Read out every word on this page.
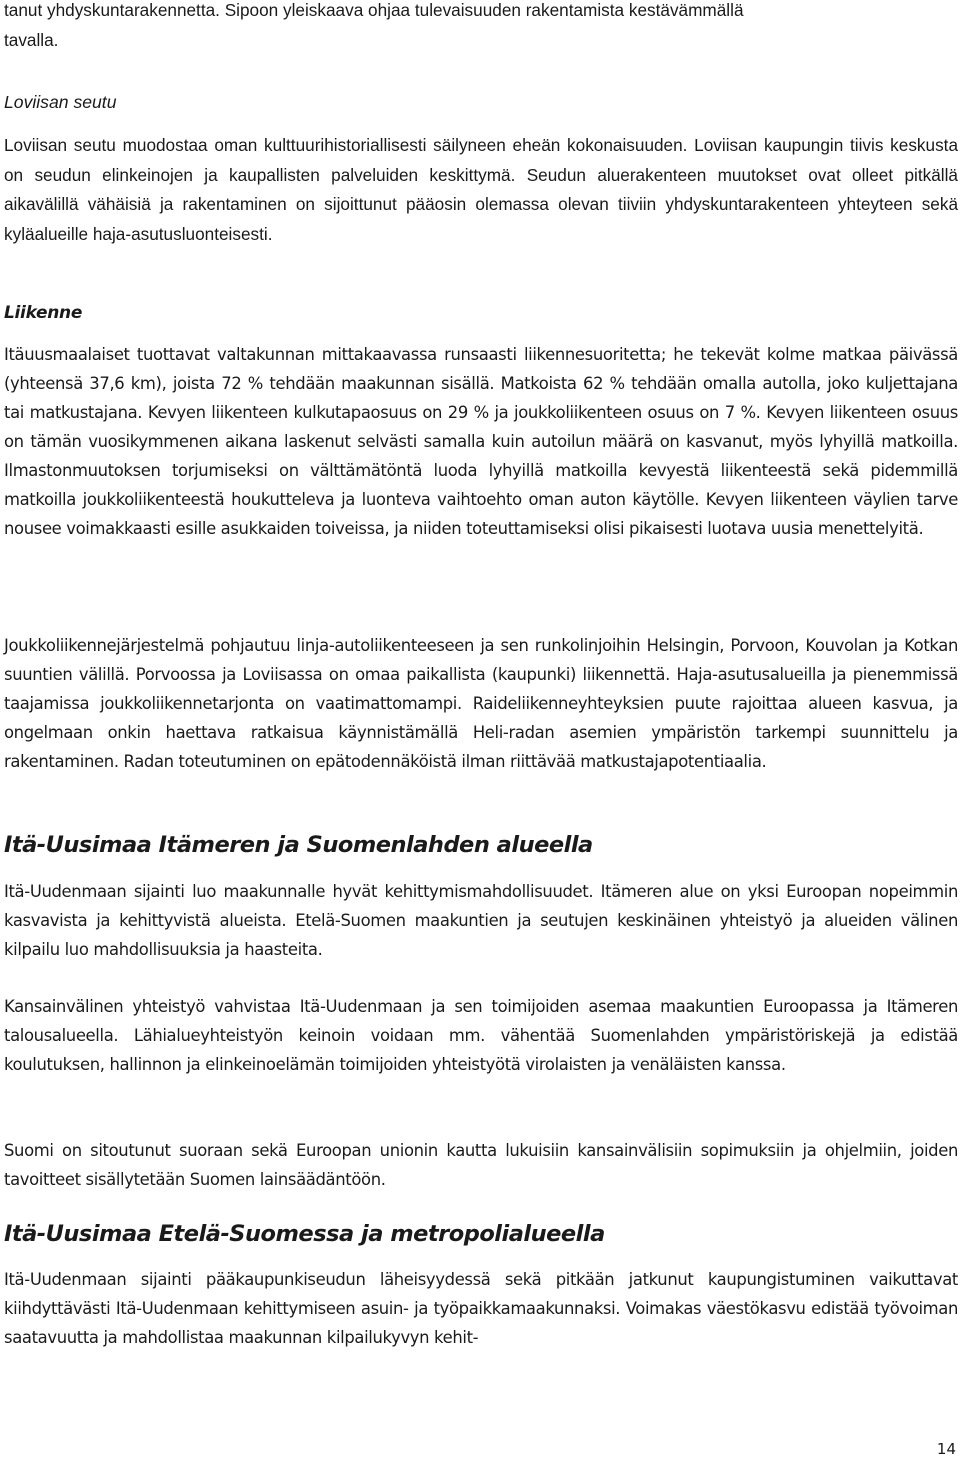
tanut yhdyskuntarakennetta. Sipoon yleiskaava ohjaa tulevaisuuden rakentamista kestävämmällä
tavalla.
Loviisan seutu

Loviisan seutu muodostaa oman kulttuurihistoriallisesti säilyneen eheän kokonaisuuden. Loviisan kaupungin tiivis keskusta on seudun elinkeinojen ja kaupallisten palveluiden keskittymä. Seudun aluerakenteen muutokset ovat olleet pitkällä aikavälillä vähäisiä ja rakentaminen on sijoittunut pääosin olemassa olevan tiiviin yhdyskuntarakenteen yhteyteen sekä kyläalueille haja-asutusluonteisesti.

Liikenne

Itäuusmaalaiset tuottavat valtakunnan mittakaavassa runsaasti liikennesuoritetta; he tekevät kolme matkaa päivässä (yhteensä 37,6 km), joista 72 % tehdään maakunnan sisällä. Matkoista 62 % tehdään omalla autolla, joko kuljettajana tai matkustajana. Kevyen liikenteen kulkutapaosuus on 29 % ja joukkoliikenteen osuus on 7 %. Kevyen liikenteen osuus on tämän vuosikymmenen aikana laskenut selvästi samalla kuin autoilun määrä on kasvanut, myös lyhyillä matkoilla. Ilmastonmuutoksen torjumiseksi on välttämätöntä luoda lyhyillä matkoilla kevyestä liikenteestä sekä pidemmillä matkoilla joukkoliikenteestä houkutteleva ja luonteva vaihtoehto oman auton käytölle. Kevyen liikenteen väylien tarve nousee voimakkaasti esille asukkaiden toiveissa, ja niiden toteuttamiseksi olisi pikaisesti luotava uusia menettelyitä.

Joukkoliikennejärjestelmä pohjautuu linja-autoliikenteeseen ja sen runkolinjoihin Helsingin, Porvoon, Kouvolan ja Kotkan suuntien välillä. Porvoossa ja Loviisassa on omaa paikallista (kaupunki) liikennettä. Haja-asutusalueilla ja pienemmissä taajamissa joukkoliikennetarjonta on vaatimattomampi. Raideliikenneyhteyksien puute rajoittaa alueen kasvua, ja ongelmaan onkin haettava ratkaisua käynnistämällä Heli-radan asemien ympäristön tarkempi suunnittelu ja rakentaminen. Radan toteutuminen on epätodennäköistä ilman riittävää matkustajapotentiaalia.

Itä-Uusimaa Itämeren ja Suomenlahden alueella

Itä-Uudenmaan sijainti luo maakunnalle hyvät kehittymismahdollisuudet. Itämeren alue on yksi Euroopan nopeimmin kasvavista ja kehittyvistä alueista. Etelä-Suomen maakuntien ja seutujen keskinäinen yhteistyö ja alueiden välinen kilpailu luo mahdollisuuksia ja haasteita.

Kansainvälinen yhteistyö vahvistaa Itä-Uudenmaan ja sen toimijoiden asemaa maakuntien Euroopassa ja Itämeren talousalueella. Lähialueyhteistyön keinoin voidaan mm. vähentää Suomenlahden ympäristöriskejä ja edistää koulutuksen, hallinnon ja elinkeinoelämän toimijoiden yhteistyötä virolaisten ja venäläisten kanssa.

Suomi on sitoutunut suoraan sekä Euroopan unionin kautta lukuisiin kansainvälisiin sopimuksiin ja ohjelmiin, joiden tavoitteet sisällytetään Suomen lainsäädäntöön.

Itä-Uusimaa Etelä-Suomessa ja metropolialueella

Itä-Uudenmaan sijainti pääkaupunkiseudun läheisyydessä sekä pitkään jatkunut kaupungistuminen vaikuttavat kiihdyttävästi Itä-Uudenmaan kehittymiseen asuin- ja työpaikkamaakunnaksi. Voimakas väestökasvu edistää työvoiman saatavuutta ja mahdollistaa maakunnan kilpailukyvyn kehit-

14
